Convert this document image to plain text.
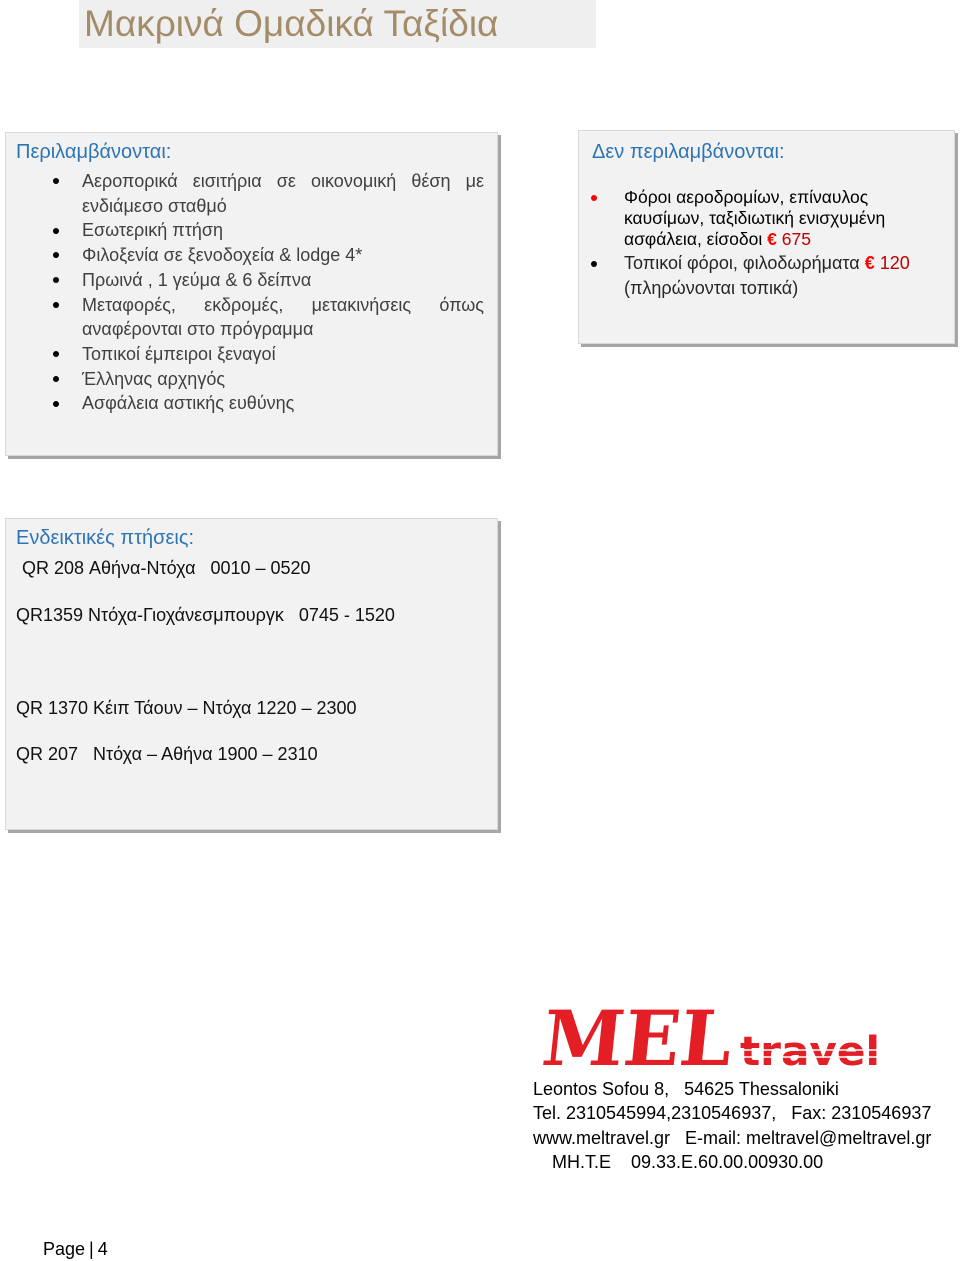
Μακρινά Ομαδικά Ταξίδια
Περιλαμβάνονται:
Αεροπορικά εισιτήρια σε οικονομική θέση με ενδιάμεσο σταθμό
Εσωτερική πτήση
Φιλοξενία σε ξενοδοχεία & lodge 4*
Πρωινά , 1 γεύμα & 6 δείπνα
Μεταφορές, εκδρομές, μετακινήσεις όπως αναφέρονται στο πρόγραμμα
Τοπικοί έμπειροι ξεναγοί
Έλληνας αρχηγός
Ασφάλεια αστικής ευθύνης
Δεν περιλαμβάνονται:
Φόροι αεροδρομίων, επίναυλος καυσίμων, ταξιδιωτική ενισχυμένη ασφάλεια, είσοδοι € 675
Τοπικοί φόροι, φιλοδωρήματα € 120 (πληρώνονται τοπικά)
Ενδεικτικές πτήσεις:
QR 208 Αθήνα-Ντόχα   0010 – 0520
QR1359 Ντόχα-Γιοχάνεσμπουργκ   0745 - 1520
QR 1370 Κέιπ Τάουν – Ντόχα 1220 – 2300
QR 207   Ντόχα – Αθήνα 1900 – 2310
MEL
travel
Leontos Sofou 8,   54625 Thessaloniki
Tel. 2310545994,2310546937,   Fax: 2310546937
www.meltravel.gr   E-mail: meltravel@meltravel.gr
MH.T.E    09.33.E.60.00.00930.00
Page | 4
